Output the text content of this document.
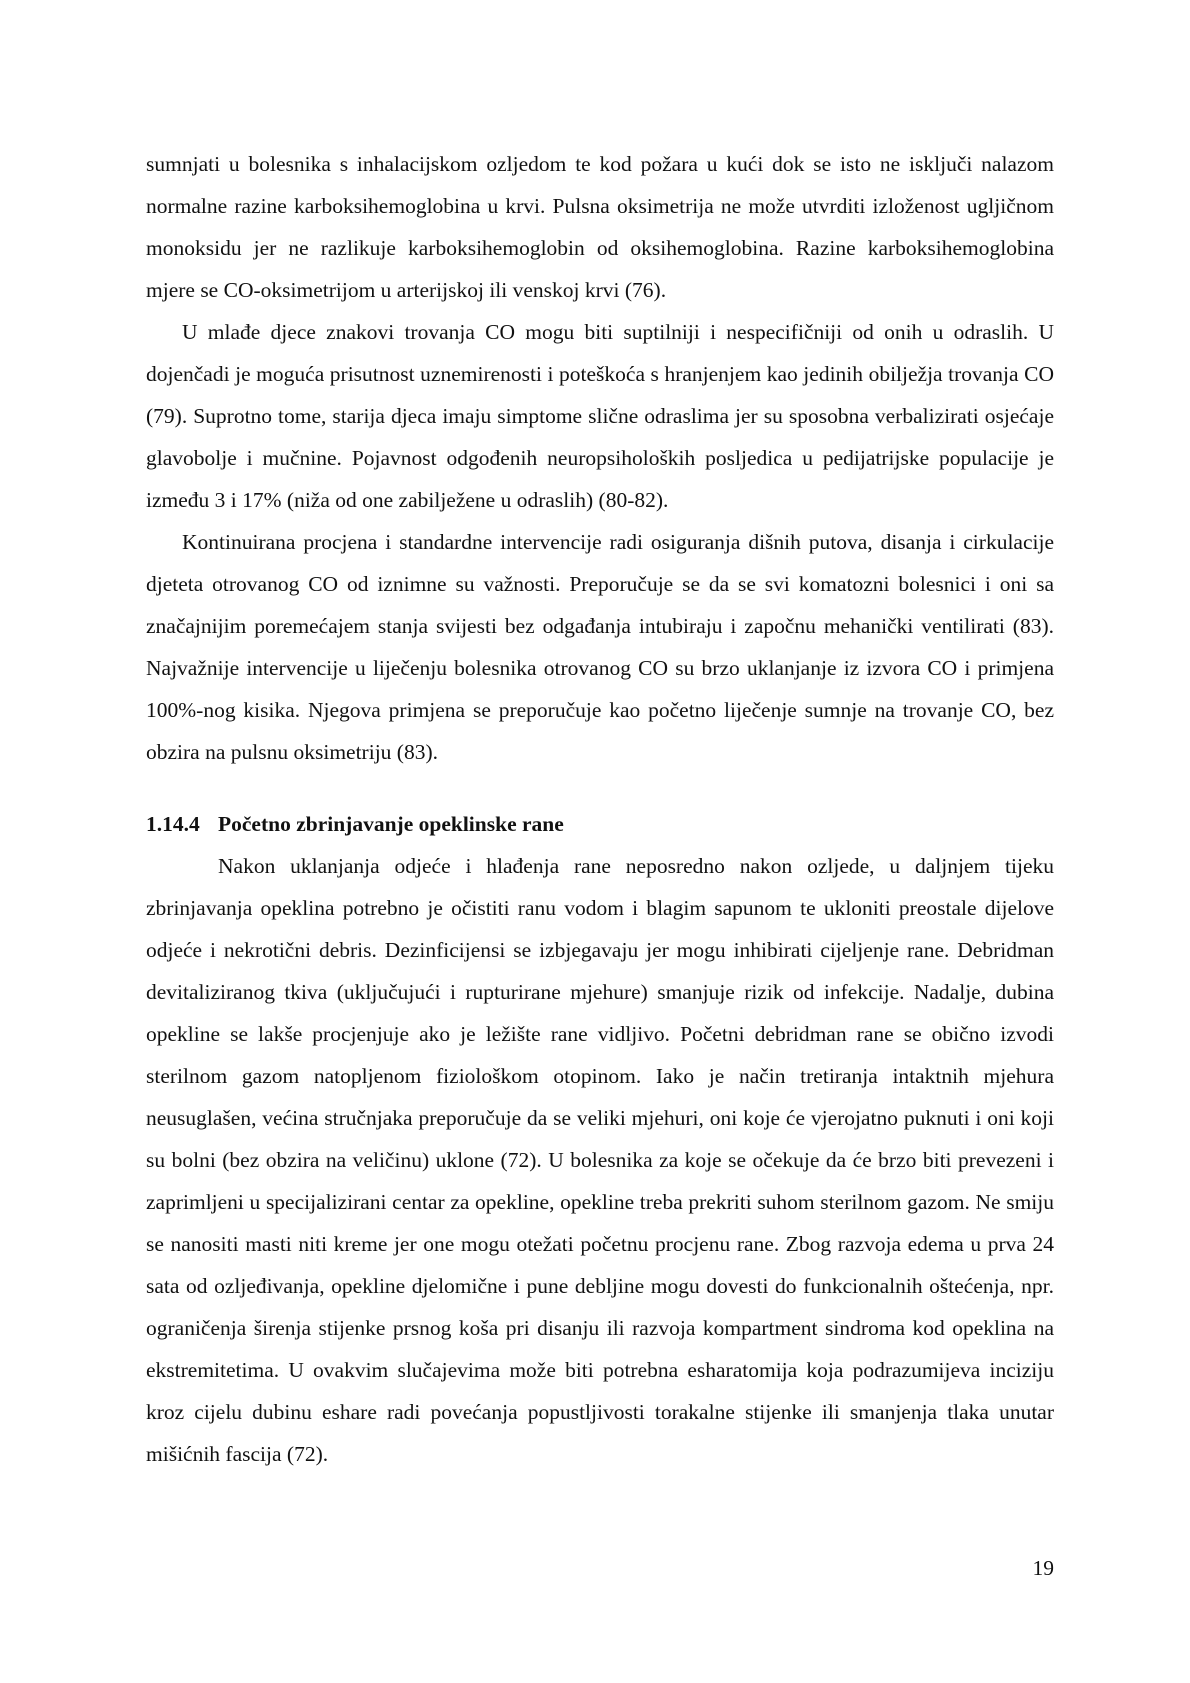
sumnjati u bolesnika s inhalacijskom ozljedom te kod požara u kući dok se isto ne isključi nalazom normalne razine karboksihemoglobina u krvi. Pulsna oksimetrija ne može utvrditi izloženost ugljičnom monoksidu jer ne razlikuje karboksihemoglobin od oksihemoglobina. Razine karboksihemoglobina mjere se CO-oksimetrijom u arterijskoj ili venskoj krvi (76).

U mlađe djece znakovi trovanja CO mogu biti suptilniji i nespecifičniji od onih u odraslih. U dojenčadi je moguća prisutnost uznemirenosti i poteškoća s hranjenjem kao jedinih obilježja trovanja CO (79). Suprotno tome, starija djeca imaju simptome slične odraslima jer su sposobna verbalizirati osjećaje glavobolje i mučnine. Pojavnost odgođenih neuropsiholoških posljedica u pedijatrijske populacije je između 3 i 17% (niža od one zabilježene u odraslih) (80-82).

Kontinuirana procjena i standardne intervencije radi osiguranja dišnih putova, disanja i cirkulacije djeteta otrovanog CO od iznimne su važnosti. Preporučuje se da se svi komatozni bolesnici i oni sa značajnijim poremećajem stanja svijesti bez odgađanja intubiraju i započnu mehanički ventilirati (83). Najvažnije intervencije u liječenju bolesnika otrovanog CO su brzo uklanjanje iz izvora CO i primjena 100%-nog kisika. Njegova primjena se preporučuje kao početno liječenje sumnje na trovanje CO, bez obzira na pulsnu oksimetriju (83).

1.14.4 Početno zbrinjavanje opeklinske rane

Nakon uklanjanja odjeće i hlađenja rane neposredno nakon ozljede, u daljnjem tijeku zbrinjavanja opeklina potrebno je očistiti ranu vodom i blagim sapunom te ukloniti preostale dijelove odjeće i nekrotični debris. Dezinficijensi se izbjegavaju jer mogu inhibirati cijeljenje rane. Debridman devitaliziranog tkiva (uključujući i rupturirane mjehure) smanjuje rizik od infekcije. Nadalje, dubina opekline se lakše procjenjuje ako je ležište rane vidljivo. Početni debridman rane se obično izvodi sterilnom gazom natopljenom fiziološkom otopinom. Iako je način tretiranja intaktnih mjehura neusuglašen, većina stručnjaka preporučuje da se veliki mjehuri, oni koje će vjerojatno puknuti i oni koji su bolni (bez obzira na veličinu) uklone (72). U bolesnika za koje se očekuje da će brzo biti prevezeni i zaprimljeni u specijalizirani centar za opekline, opekline treba prekriti suhom sterilnom gazom. Ne smiju se nanositi masti niti kreme jer one mogu otežati početnu procjenu rane. Zbog razvoja edema u prva 24 sata od ozljeđivanja, opekline djelomične i pune debljine mogu dovesti do funkcionalnih oštećenja, npr. ograničenja širenja stijenke prsnog koša pri disanju ili razvoja kompartment sindroma kod opeklina na ekstremitetima. U ovakvim slučajevima može biti potrebna esharatomija koja podrazumijeva inciziju kroz cijelu dubinu eshare radi povećanja popustljivosti torakalne stijenke ili smanjenja tlaka unutar mišićnih fascija (72).

19
